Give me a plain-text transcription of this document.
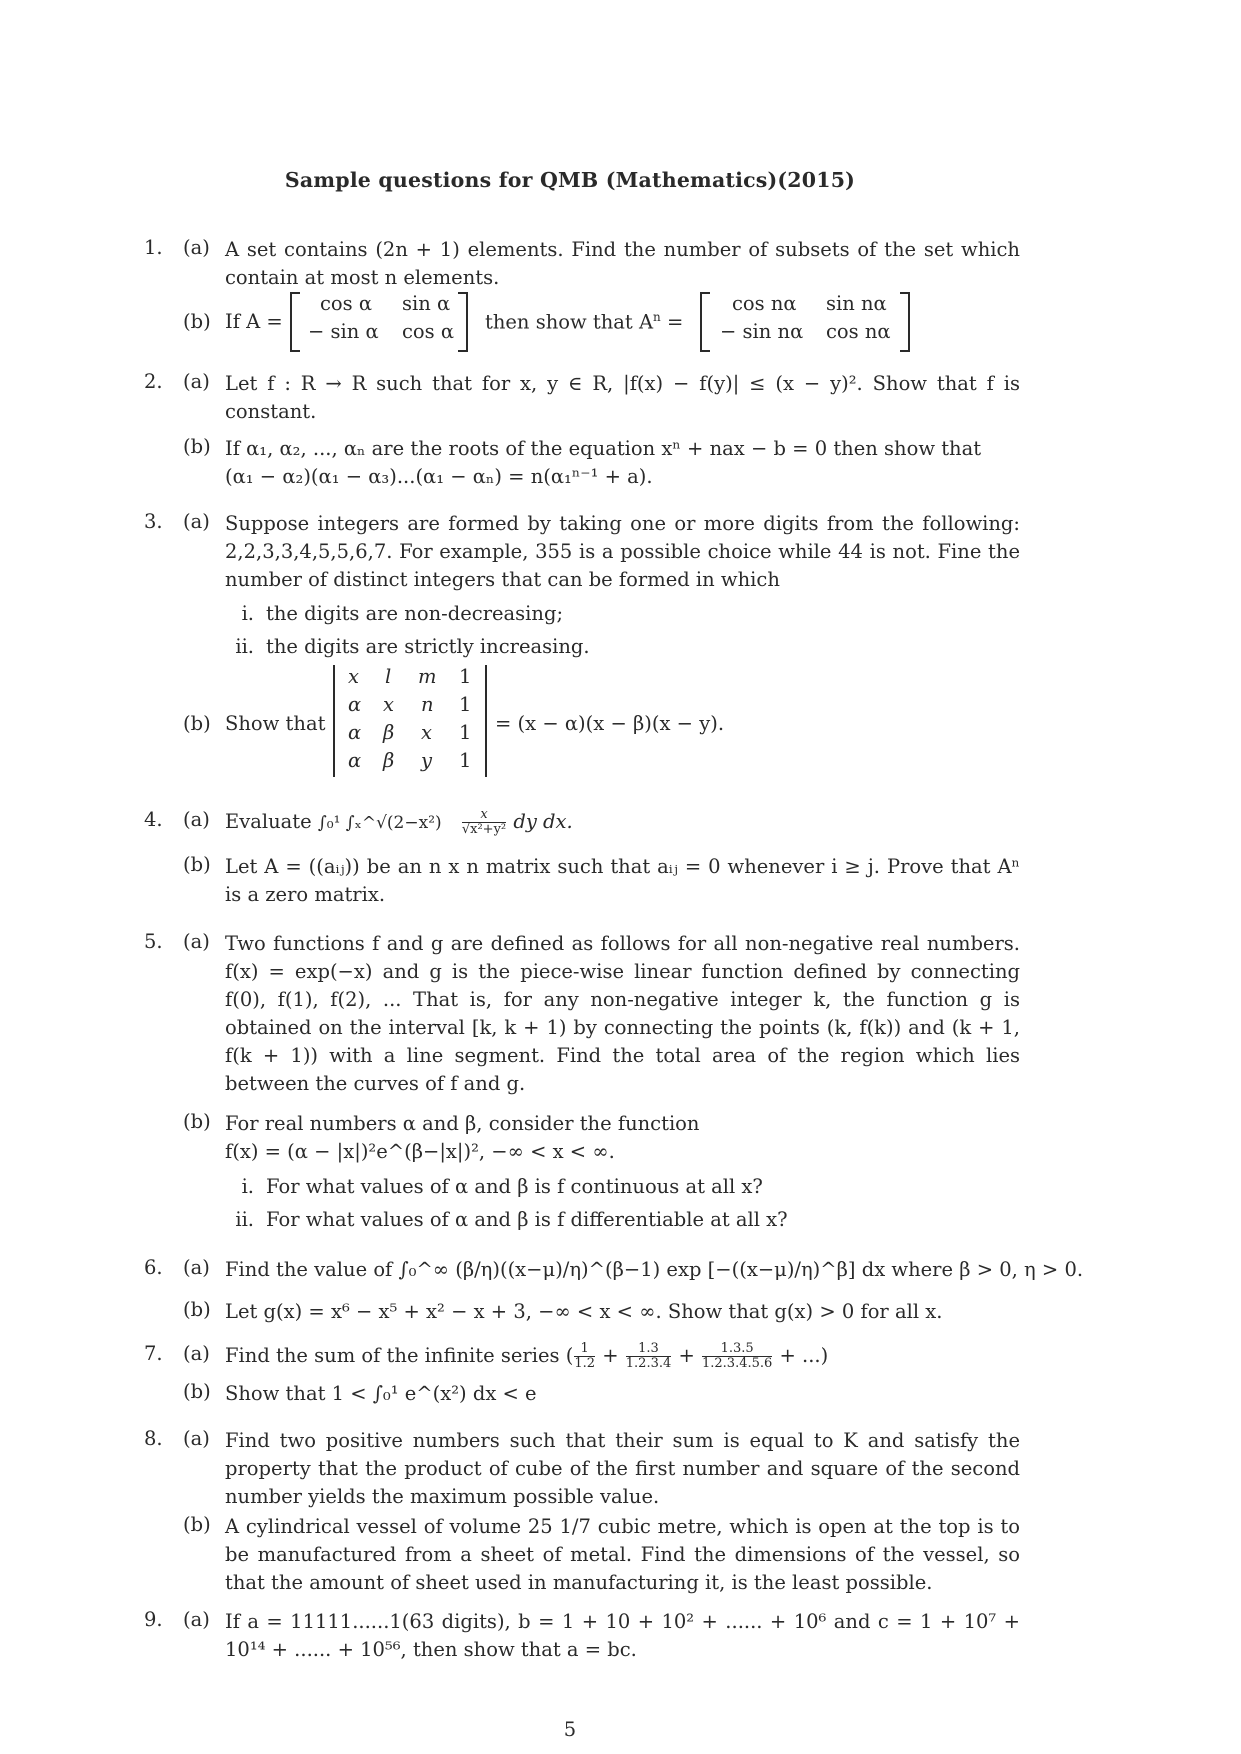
Sample questions for QMB (Mathematics)(2015)
1.	(a) A set contains (2n + 1) elements. Find the number of subsets of the set which contain at most n elements.
(b) If A =
cos α sin α
− sin α cos α then show that $A^n$ =
cos nα sin nα
− sin nα cos nα
2.	(a) Let f : R → R such that for x, y ∈ R, |f(x) − f(y)| ≤ (x − y)². Show that f is constant.
(b) If α₁, α₂, ..., αₙ are the roots of the equation xⁿ + nax − b = 0 then show that
(α₁ − α₂)(α₁ − α₃)...(α₁ − αₙ) = n(α₁ⁿ⁻¹ + a).
3.	(a) Suppose integers are formed by taking one or more digits from the following: 2,2,3,3,4,5,5,6,7. For example, 355 is a possible choice while 44 is not. Fine the number of distinct integers that can be formed in which
i. the digits are non-decreasing;
ii. the digits are strictly increasing.
(b) Show that
x l m 1
α x n 1
α β x 1
α β y 1
= (x − α)(x − β)(x − y).
4.	(a) Evaluate ∫₀¹ ∫ₓ^√(2−x²) $\frac{x}{\text{√x²+y²}}$ dy dx.
(b) Let A = ((aᵢⱼ)) be an n x n matrix such that aᵢⱼ = 0 whenever i ≥ j. Prove that Aⁿ is a zero matrix.
5.	(a) Two functions f and g are defined as follows for all non-negative real numbers. f(x) = exp(−x) and g is the piece-wise linear function defined by connecting f(0), f(1), f(2), ... That is, for any non-negative integer k, the function g is obtained on the interval [k, k + 1) by connecting the points (k, f(k)) and (k + 1, f(k + 1)) with a line segment. Find the total area of the region which lies between the curves of f and g.
(b) For real numbers α and β, consider the function
f(x) = (α − |x|)²e^(β−|x|)², −∞ < x < ∞.
i. For what values of α and β is f continuous at all x?
ii. For what values of α and β is f differentiable at all x?
6.	(a) Find the value of ∫₀^∞ (β/η)((x−μ)/η)^(β−1) exp [−((x−μ)/η)^β] dx where β > 0, η > 0.
(b) Let g(x) = x⁶ − x⁵ + x² − x + 3, −∞ < x < ∞. Show that g(x) > 0 for all x.
7.	(a) Find the sum of the infinite series ( $\frac{1}{1.2} + \frac{1.3}{1.2.3.4} + \frac{1.3.5}{1.2.3.4.5.6}$ + ...)
(b) Show that 1 < ∫₀¹ e^(x²) dx < e
8.	(a) Find two positive numbers such that their sum is equal to K and satisfy the property that the product of cube of the first number and square of the second number yields the maximum possible value.
(b) A cylindrical vessel of volume 25 1/7 cubic metre, which is open at the top is to be manufactured from a sheet of metal. Find the dimensions of the vessel, so that the amount of sheet used in manufacturing it, is the least possible.
9.	(a) If a = 11111......1(63 digits), b = 1 + 10 + 10² + ...... + 10⁶ and c = 1 + 10⁷ + 10¹⁴ + ...... + 10⁵⁶, then show that a = bc.
5
